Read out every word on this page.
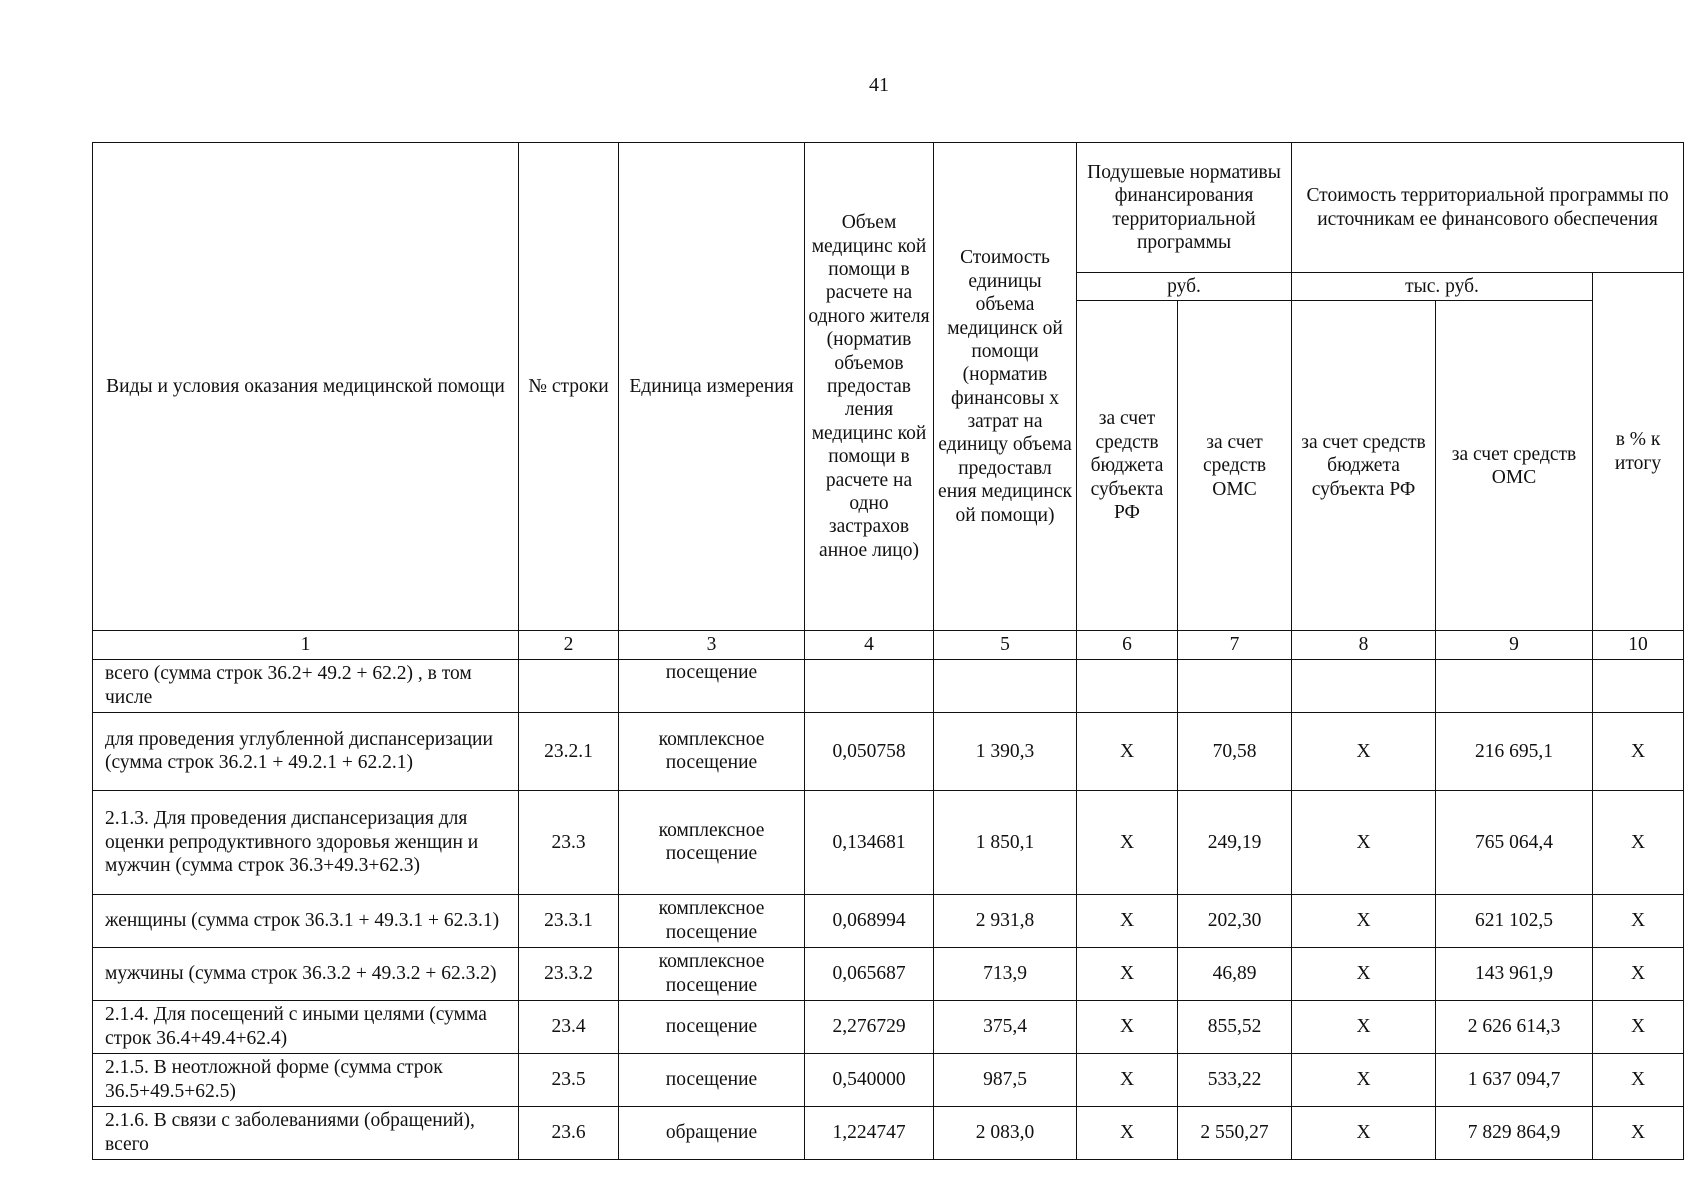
41
Виды и условия оказания медицинской помощи	№ строки	Единица измерения	Объем медицинс кой помощи в расчете на одного жителя (норматив объемов предостав ления медицинс кой помощи в расчете на одно застрахов анное лицо)	Стоимость единицы объема медицинск ой помощи (норматив финансовы х затрат на единицу объема предоставл ения медицинск ой помощи)	Подушевые нормативы финансирования территориальной программы		Стоимость территориальной программы по источникам ее финансового обеспечения		
					руб.		тыс. руб.		в % к итогу
					за счет средств бюджета субъекта РФ	за счет средств ОМС	за счет средств бюджета субъекта РФ	за счет средств ОМС	
1	2	3	4	5	6	7	8	9	10
всего (сумма строк 36.2+ 49.2 + 62.2) , в том числе		посещение							
для проведения углубленной диспансеризации (сумма строк 36.2.1 + 49.2.1 + 62.2.1)	23.2.1	комплексное посещение	0,050758	1 390,3	Х	70,58	Х	216 695,1	Х
2.1.3. Для проведения диспансеризация для оценки репродуктивного здоровья женщин и мужчин (сумма строк 36.3+49.3+62.3)	23.3	комплексное посещение	0,134681	1 850,1	Х	249,19	Х	765 064,4	Х
женщины (сумма строк 36.3.1 + 49.3.1 + 62.3.1)	23.3.1	комплексное посещение	0,068994	2 931,8	Х	202,30	Х	621 102,5	Х
мужчины (сумма строк 36.3.2 + 49.3.2 + 62.3.2)	23.3.2	комплексное посещение	0,065687	713,9	Х	46,89	Х	143 961,9	Х
2.1.4. Для посещений с иными целями (сумма строк 36.4+49.4+62.4)	23.4	посещение	2,276729	375,4	Х	855,52	Х	2 626 614,3	Х
2.1.5. В неотложной форме (сумма строк 36.5+49.5+62.5)	23.5	посещение	0,540000	987,5	Х	533,22	Х	1 637 094,7	Х
2.1.6. В связи с заболеваниями (обращений), всего	23.6	обращение	1,224747	2 083,0	Х	2 550,27	Х	7 829 864,9	Х
